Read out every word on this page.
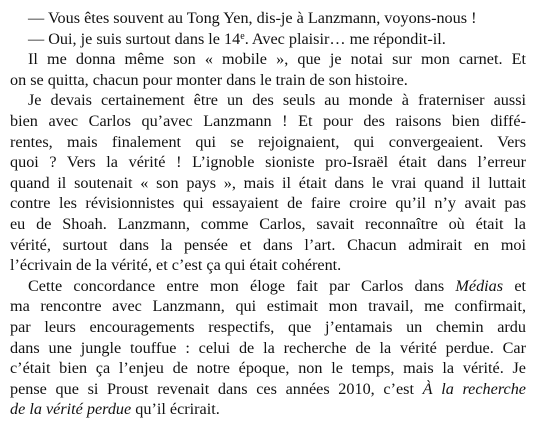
— Vous êtes souvent au Tong Yen, dis-je à Lanzmann, voyons-nous !
— Oui, je suis surtout dans le 14e. Avec plaisir… me répondit-il.
Il me donna même son « mobile », que je notai sur mon carnet. Et
on se quitta, chacun pour monter dans le train de son histoire.
Je devais certainement être un des seuls au monde à fraterniser aussi
bien avec Carlos qu’avec Lanzmann ! Et pour des raisons bien diffé-
rentes, mais finalement qui se rejoignaient, qui convergeaient. Vers
quoi ? Vers la vérité ! L’ignoble sioniste pro-Israël était dans l’erreur
quand il soutenait « son pays », mais il était dans le vrai quand il luttait
contre les révisionnistes qui essayaient de faire croire qu’il n’y avait pas
eu de Shoah. Lanzmann, comme Carlos, savait reconnaître où était la
vérité, surtout dans la pensée et dans l’art. Chacun admirait en moi
l’écrivain de la vérité, et c’est ça qui était cohérent.
Cette concordance entre mon éloge fait par Carlos dans Médias et
ma rencontre avec Lanzmann, qui estimait mon travail, me confirmait,
par leurs encouragements respectifs, que j’entamais un chemin ardu
dans une jungle touffue : celui de la recherche de la vérité perdue. Car
c’était bien ça l’enjeu de notre époque, non le temps, mais la vérité. Je
pense que si Proust revenait dans ces années 2010, c’est À la recherche
de la vérité perdue qu’il écrirait.
